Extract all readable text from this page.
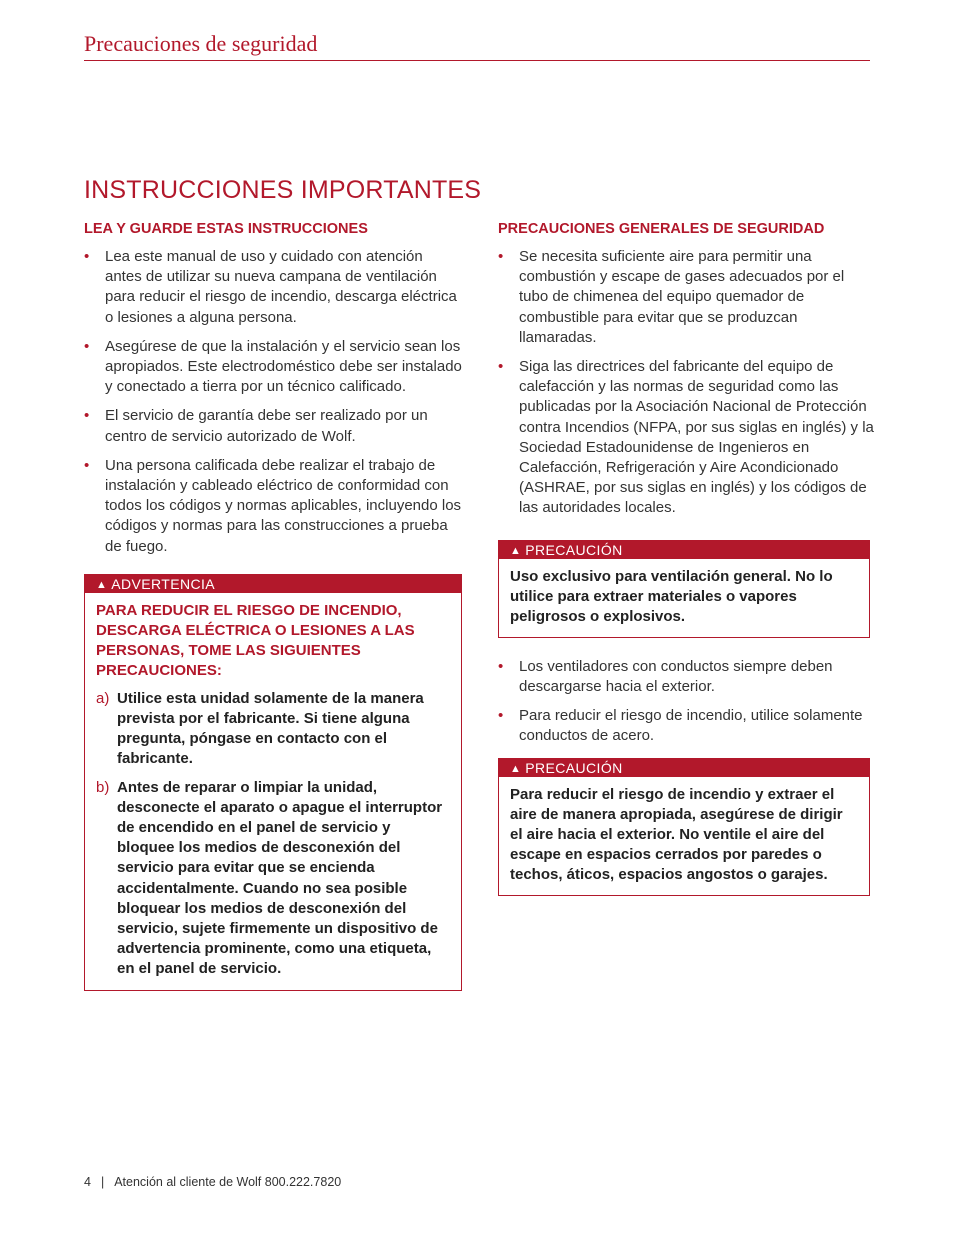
Precauciones de seguridad
INSTRUCCIONES IMPORTANTES
LEA Y GUARDE ESTAS INSTRUCCIONES
• Lea este manual de uso y cuidado con atención antes de utilizar su nueva campana de ventilación para reducir el riesgo de incendio, descarga eléctrica o lesiones a alguna persona.
• Asegúrese de que la instalación y el servicio sean los apropiados. Este electrodoméstico debe ser instalado y conectado a tierra por un técnico calificado.
• El servicio de garantía debe ser realizado por un centro de servicio autorizado de Wolf.
• Una persona calificada debe realizar el trabajo de instalación y cableado eléctrico de conformidad con todos los códigos y normas aplicables, incluyendo los códigos y normas para las construcciones a prueba de fuego.
▲ ADVERTENCIA

PARA REDUCIR EL RIESGO DE INCENDIO, DESCARGA ELÉCTRICA O LESIONES A LAS PERSONAS, TOME LAS SIGUIENTES PRECAUCIONES:

a) Utilice esta unidad solamente de la manera prevista por el fabricante. Si tiene alguna pregunta, póngase en contacto con el fabricante.
b) Antes de reparar o limpiar la unidad, desconecte el aparato o apague el interruptor de encendido en el panel de servicio y bloquee los medios de desconexión del servicio para evitar que se encienda accidentalmente. Cuando no sea posible bloquear los medios de desconexión del servicio, sujete firmemente un dispositivo de advertencia prominente, como una etiqueta, en el panel de servicio.
PRECAUCIONES GENERALES DE SEGURIDAD
• Se necesita suficiente aire para permitir una combustión y escape de gases adecuados por el tubo de chimenea del equipo quemador de combustible para evitar que se produzcan llamaradas.
• Siga las directrices del fabricante del equipo de calefacción y las normas de seguridad como las publicadas por la Asociación Nacional de Protección contra Incendios (NFPA, por sus siglas en inglés) y la Sociedad Estadounidense de Ingenieros en Calefacción, Refrigeración y Aire Acondicionado (ASHRAE, por sus siglas en inglés) y los códigos de las autoridades locales.
▲ PRECAUCIÓN

Uso exclusivo para ventilación general. No lo utilice para extraer materiales o vapores peligrosos o explosivos.

• Los ventiladores con conductos siempre deben descargarse hacia el exterior.
• Para reducir el riesgo de incendio, utilice solamente conductos de acero.
▲ PRECAUCIÓN

Para reducir el riesgo de incendio y extraer el aire de manera apropiada, asegúrese de dirigir el aire hacia el exterior. No ventile el aire del escape en espacios cerrados por paredes o techos, áticos, espacios angostos o garajes.

4 | Atención al cliente de Wolf 800.222.7820
